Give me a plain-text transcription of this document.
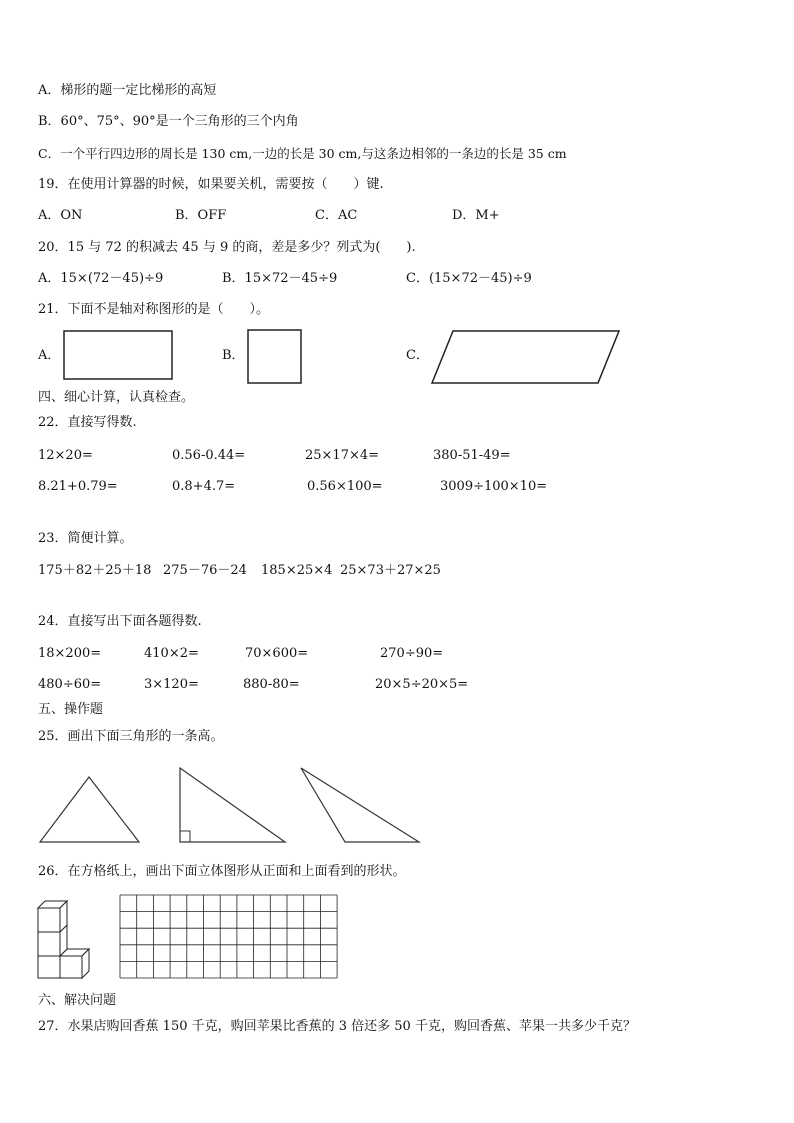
A．梯形的题一定比梯形的高短
B．60°、75°、90°是一个三角形的三个内角
C．一个平行四边形的周长是 130 cm,一边的长是 30 cm,与这条边相邻的一条边的长是 35 cm
19．在使用计算器的时候，如果要关机，需要按（　　）键.
A．ON	B．OFF	C．AC	D．M+
20．15 与 72 的积减去 45 与 9 的商，差是多少？列式为(　　).
A．15×(72－45)÷9	B．15×72－45÷9	C．(15×72－45)÷9
21．下面不是轴对称图形的是（　　）。
A．	B．	C．
四、细心计算，认真检查。
22．直接写得数.
12×20=	0.56-0.44=	25×17×4=	380-51-49=
8.21+0.79=	0.8+4.7=	0.56×100=	3009÷100×10=
23．简便计算。
175＋82＋25＋18 275－76－24 185×25×4 25×73＋27×25
24．直接写出下面各题得数.
18×200=	410×2=	70×600=	270÷90=
480÷60=	3×120=	880-80=	20×5÷20×5=
五、操作题
25．画出下面三角形的一条高。
26．在方格纸上，画出下面立体图形从正面和上面看到的形状。
六、解决问题
27．水果店购回香蕉 150 千克，购回苹果比香蕉的 3 倍还多 50 千克，购回香蕉、苹果一共多少千克？
